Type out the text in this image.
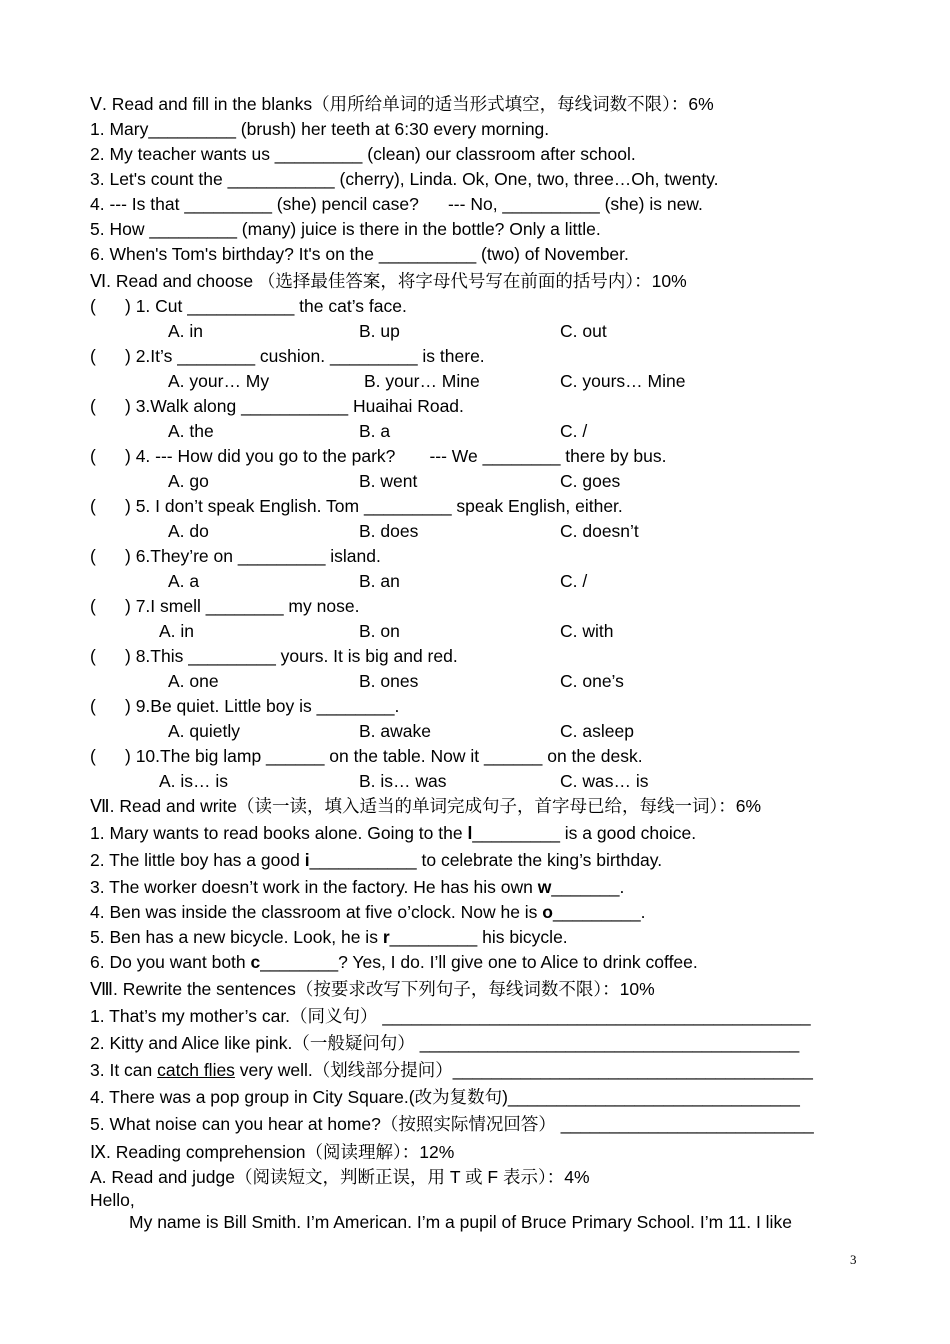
Ⅴ. Read and fill in the blanks（用所给单词的适当形式填空，每线词数不限）：6%
1. Mary_________ (brush) her teeth at 6:30 every morning.
2. My teacher wants us _________ (clean) our classroom after school.
3. Let's count the ___________ (cherry), Linda. Ok, One, two, three…Oh, twenty.
4. --- Is that _________ (she) pencil case?      --- No, __________ (she) is new.
5. How _________ (many) juice is there in the bottle? Only a little.
6. When's Tom's birthday? It's on the __________ (two) of November.
Ⅵ. Read and choose （选择最佳答案，将字母代号写在前面的括号内）：10%
(      ) 1. Cut ___________ the cat’s face.
A. in	B. up	C. out
(      ) 2.It’s ________ cushion. _________ is there.
A. your… My	B. your… Mine	C. yours… Mine
(      ) 3.Walk along ___________ Huaihai Road.
A. the	B. a	C. /
(      ) 4. --- How did you go to the park?       --- We ________ there by bus.
A. go	B. went	C. goes
(      ) 5. I don’t speak English. Tom _________ speak English, either.
A. do	B. does	C. doesn’t
(      ) 6.They’re on _________ island.
A. a	B. an	C. /
(      ) 7.I smell ________ my nose.
A. in	B. on	C. with
(      ) 8.This _________ yours. It is big and red.
A. one	B. ones	C. one’s
(      ) 9.Be quiet. Little boy is ________.
A. quietly	B. awake	C. asleep
(      ) 10.The big lamp ______ on the table. Now it ______ on the desk.
A. is… is	B. is… was	C. was… is
Ⅶ. Read and write（读一读，填入适当的单词完成句子，首字母已给，每线一词）：6%
1. Mary wants to read books alone. Going to the l_________ is a good choice.
2. The little boy has a good i___________ to celebrate the king’s birthday.
3. The worker doesn’t work in the factory. He has his own w_______.
4. Ben was inside the classroom at five o’clock. Now he is o_________.
5. Ben has a new bicycle. Look, he is r_________ his bicycle.
6. Do you want both c________? Yes, I do. I’ll give one to Alice to drink coffee.
Ⅷ. Rewrite the sentences（按要求改写下列句子，每线词数不限）：10%
1. That’s my mother’s car.（同义句） ____________________________________________
2. Kitty and Alice like pink.（一般疑问句） _______________________________________
3. It can catch flies very well.（划线部分提问）_____________________________________
4. There was a pop group in City Square.(改为复数句)______________________________
5. What noise can you hear at home?（按照实际情况回答） __________________________
Ⅸ. Reading comprehension（阅读理解）：12%
A. Read and judge（阅读短文，判断正误，用 T 或 F 表示）：4%
Hello,
My name is Bill Smith. I’m American. I’m a pupil of Bruce Primary School. I’m 11. I like
3
